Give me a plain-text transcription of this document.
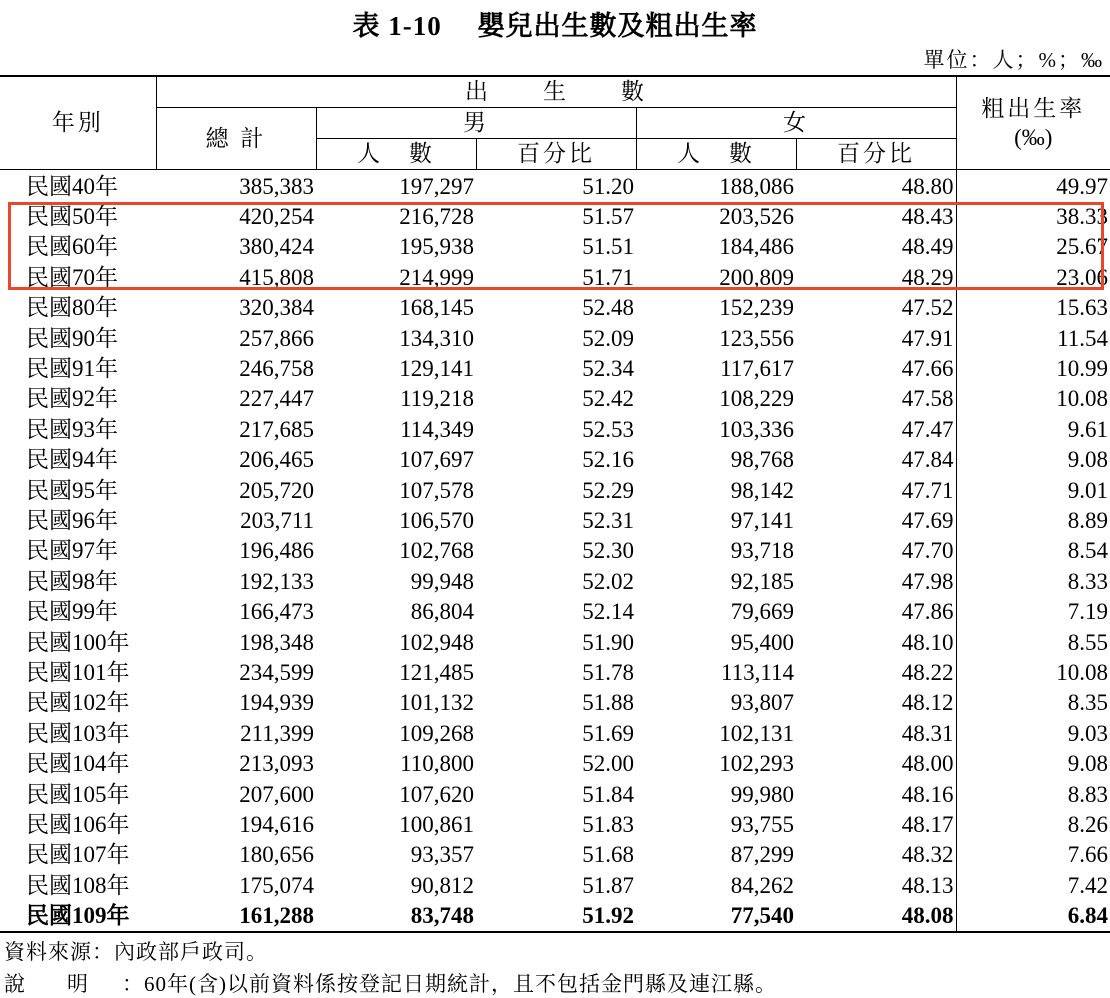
表 1-10　 嬰兒出生數及粗出生率
單位：人；%；‰
年別	出　　生　　數					粗出生率
(‰)

	總 計	男		女		
		人　數	百分比	人　數	百分比	
民國40年	385,383	197,297	51.20	188,086	48.80	49.97
民國50年	420,254	216,728	51.57	203,526	48.43	38.33
民國60年	380,424	195,938	51.51	184,486	48.49	25.67
民國70年	415,808	214,999	51.71	200,809	48.29	23.06
民國80年	320,384	168,145	52.48	152,239	47.52	15.63
民國90年	257,866	134,310	52.09	123,556	47.91	11.54
民國91年	246,758	129,141	52.34	117,617	47.66	10.99
民國92年	227,447	119,218	52.42	108,229	47.58	10.08
民國93年	217,685	114,349	52.53	103,336	47.47	9.61
民國94年	206,465	107,697	52.16	98,768	47.84	9.08
民國95年	205,720	107,578	52.29	98,142	47.71	9.01
民國96年	203,711	106,570	52.31	97,141	47.69	8.89
民國97年	196,486	102,768	52.30	93,718	47.70	8.54
民國98年	192,133	99,948	52.02	92,185	47.98	8.33
民國99年	166,473	86,804	52.14	79,669	47.86	7.19
民國100年	198,348	102,948	51.90	95,400	48.10	8.55
民國101年	234,599	121,485	51.78	113,114	48.22	10.08
民國102年	194,939	101,132	51.88	93,807	48.12	8.35
民國103年	211,399	109,268	51.69	102,131	48.31	9.03
民國104年	213,093	110,800	52.00	102,293	48.00	9.08
民國105年	207,600	107,620	51.84	99,980	48.16	8.83
民國106年	194,616	100,861	51.83	93,755	48.17	8.26
民國107年	180,656	93,357	51.68	87,299	48.32	7.66
民國108年	175,074	90,812	51.87	84,262	48.13	7.42
民國109年	161,288	83,748	51.92	77,540	48.08	6.84
資料來源：內政部戶政司。
說　　明 ：60年(含)以前資料係按登記日期統計，且不包括金門縣及連江縣。
